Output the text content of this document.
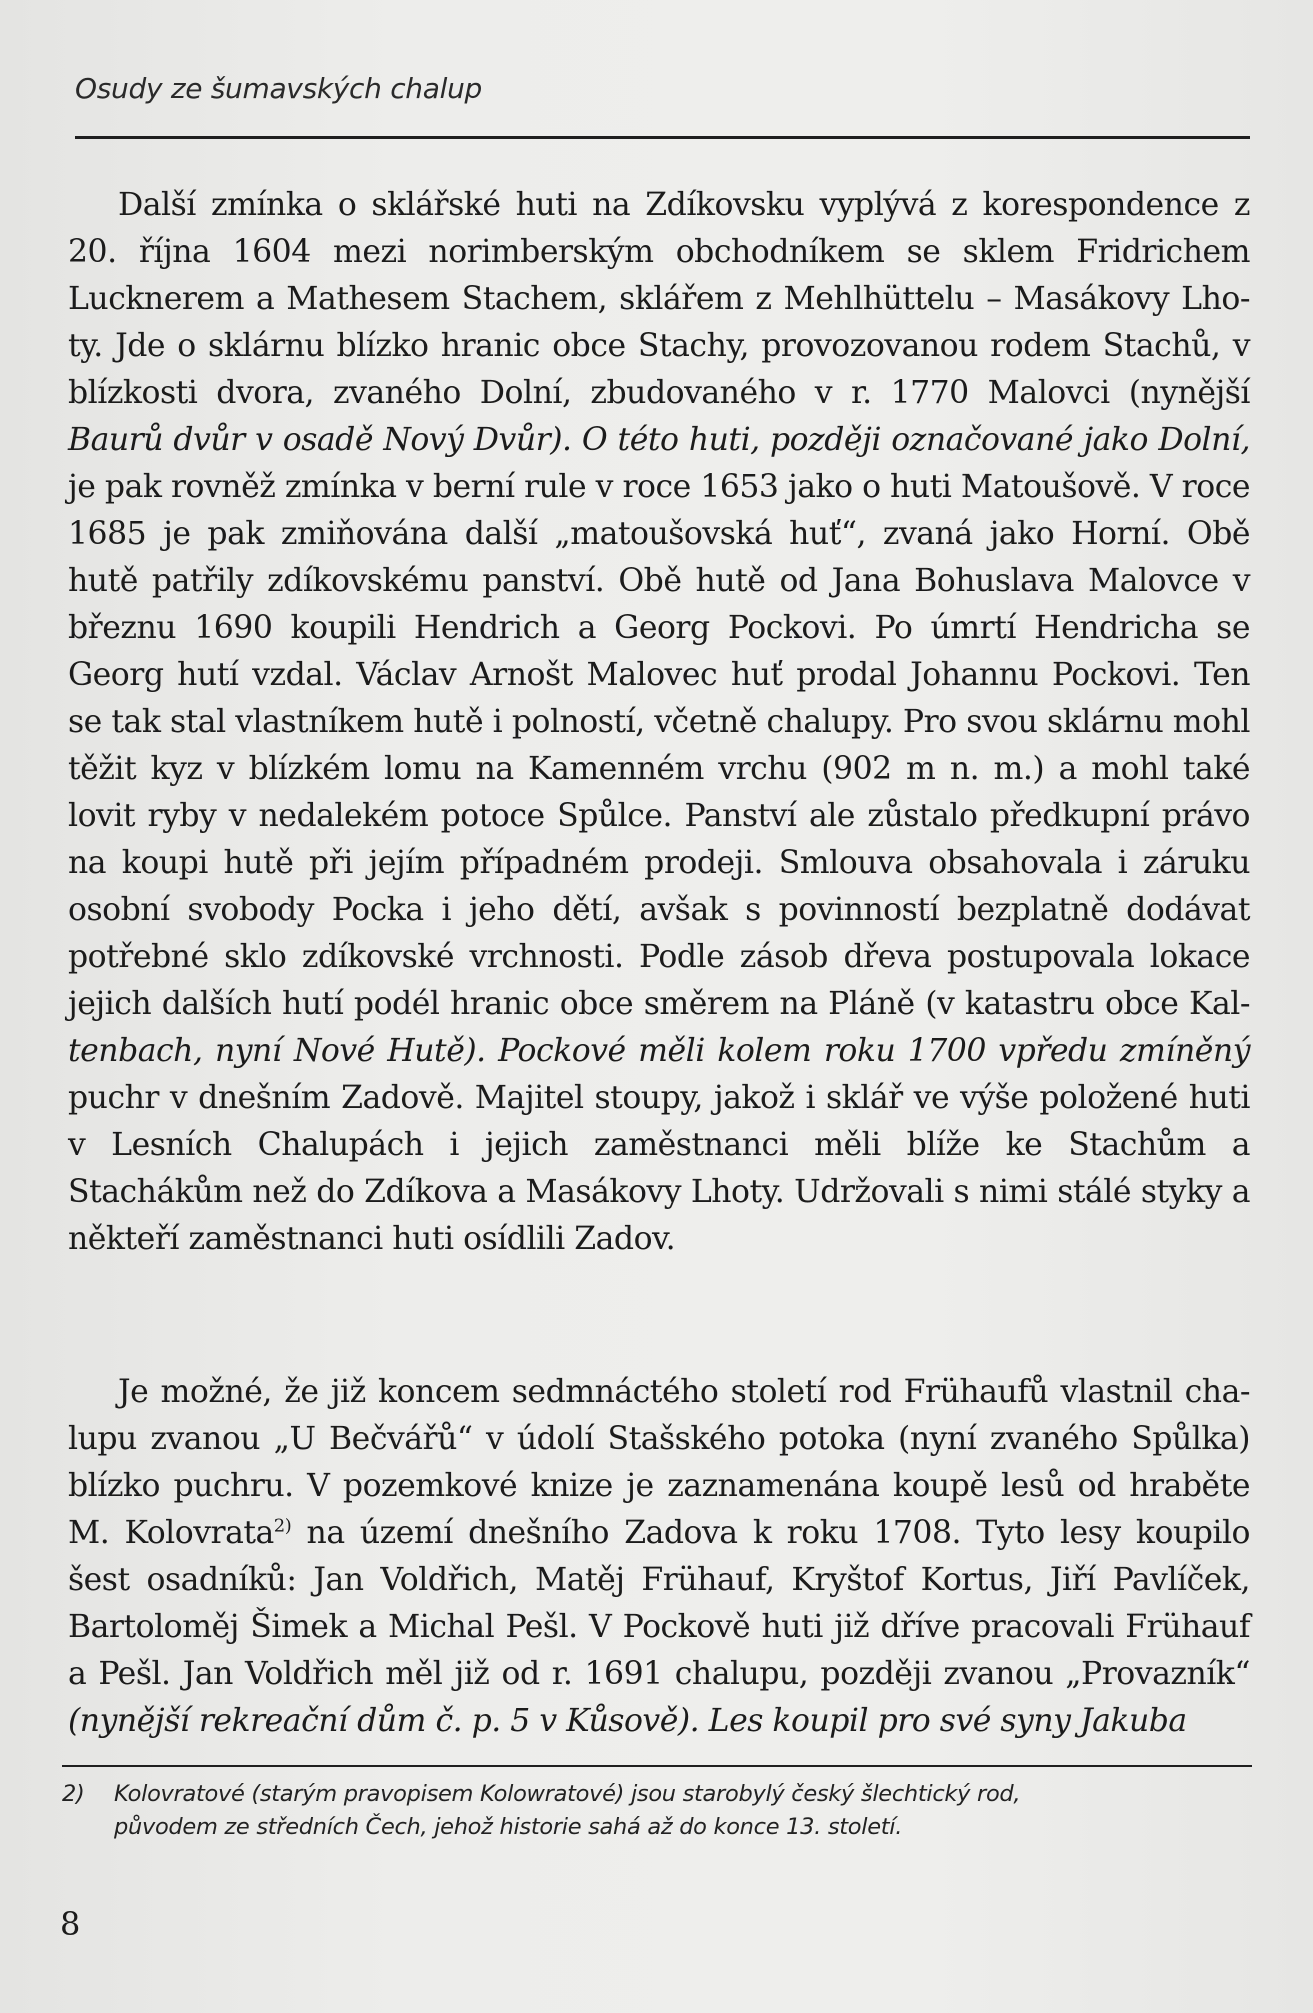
Osudy ze šumavských chalup

Další zmínka o sklářské huti na Zdíkovsku vyplývá z korespondence z 20. října 1604 mezi norimberským obchodníkem se sklem Fridrichem Lucknerem a Mathesem Stachem, sklářem z Mehlhüttelu – Masákovy Lho- ty. Jde o sklárnu blízko hranic obce Stachy, provozovanou rodem Stachů, v blízkosti dvora, zvaného Dolní, zbudovaného v r. 1770 Malovci (nynější Baurů dvůr v osadě Nový Dvůr). O této huti, později označované jako Dolní, je pak rovněž zmínka v berní rule v roce 1653 jako o huti Matoušově. V roce 1685 je pak zmiňována další „matoušovská huť“, zvaná jako Horní. Obě hutě patřily zdíkovskému panství. Obě hutě od Jana Bohuslava Malovce v březnu 1690 koupili Hendrich a Georg Pockovi. Po úmrtí Hendricha se Georg hutí vzdal. Václav Arnošt Malovec huť prodal Johannu Pockovi. Ten se tak stal vlastníkem hutě i polností, včetně chalupy. Pro svou sklárnu mohl těžit kyz v blízkém lomu na Kamenném vrchu (902 m n. m.) a mohl také lovit ryby v nedalekém potoce Spůlce. Panství ale zůstalo předkupní právo na koupi hutě při jejím případném prodeji. Smlouva obsahovala i záruku osobní svobody Pocka i jeho dětí, avšak s povinností bezplatně dodávat potřebné sklo zdíkovské vrchnosti. Podle zásob dřeva postupovala lokace jejich dalších hutí podél hranic obce směrem na Pláně (v katastru obce Kal- tenbach, nyní Nové Hutě). Pockové měli kolem roku 1700 vpředu zmíněný puchr v dnešním Zadově. Majitel stoupy, jakož i sklář ve výše položené huti v Lesních Chalupách i jejich zaměstnanci měli blíže ke Stachům a Stachákům než do Zdíkova a Masákovy Lhoty. Udržovali s nimi stálé styky a někteří zaměstnanci huti osídlili Zadov.

Je možné, že již koncem sedmnáctého století rod Frühaufů vlastnil cha- lupu zvanou „U Bečvářů“ v údolí Stašského potoka (nyní zvaného Spůlka) blízko puchru. V pozemkové knize je zaznamenána koupě lesů od hraběte M. Kolovrata$^{2)}$ na území dnešního Zadova k roku 1708. Tyto lesy koupilo šest osadníků: Jan Voldřich, Matěj Frühauf, Kryštof Kortus, Jiří Pavlíček, Bartoloměj Šimek a Michal Pešl. V Pockově huti již dříve pracovali Frühauf a Pešl. Jan Voldřich měl již od r. 1691 chalupu, později zvanou „Provazník“ (nynější rekreační dům č. p. 5 v Kůsově). Les koupil pro své syny Jakuba

2) Kolovratové (starým pravopisem Kolowratové) jsou starobylý český šlechtický rod,
původem ze středních Čech, jehož historie sahá až do konce 13. století.
8
